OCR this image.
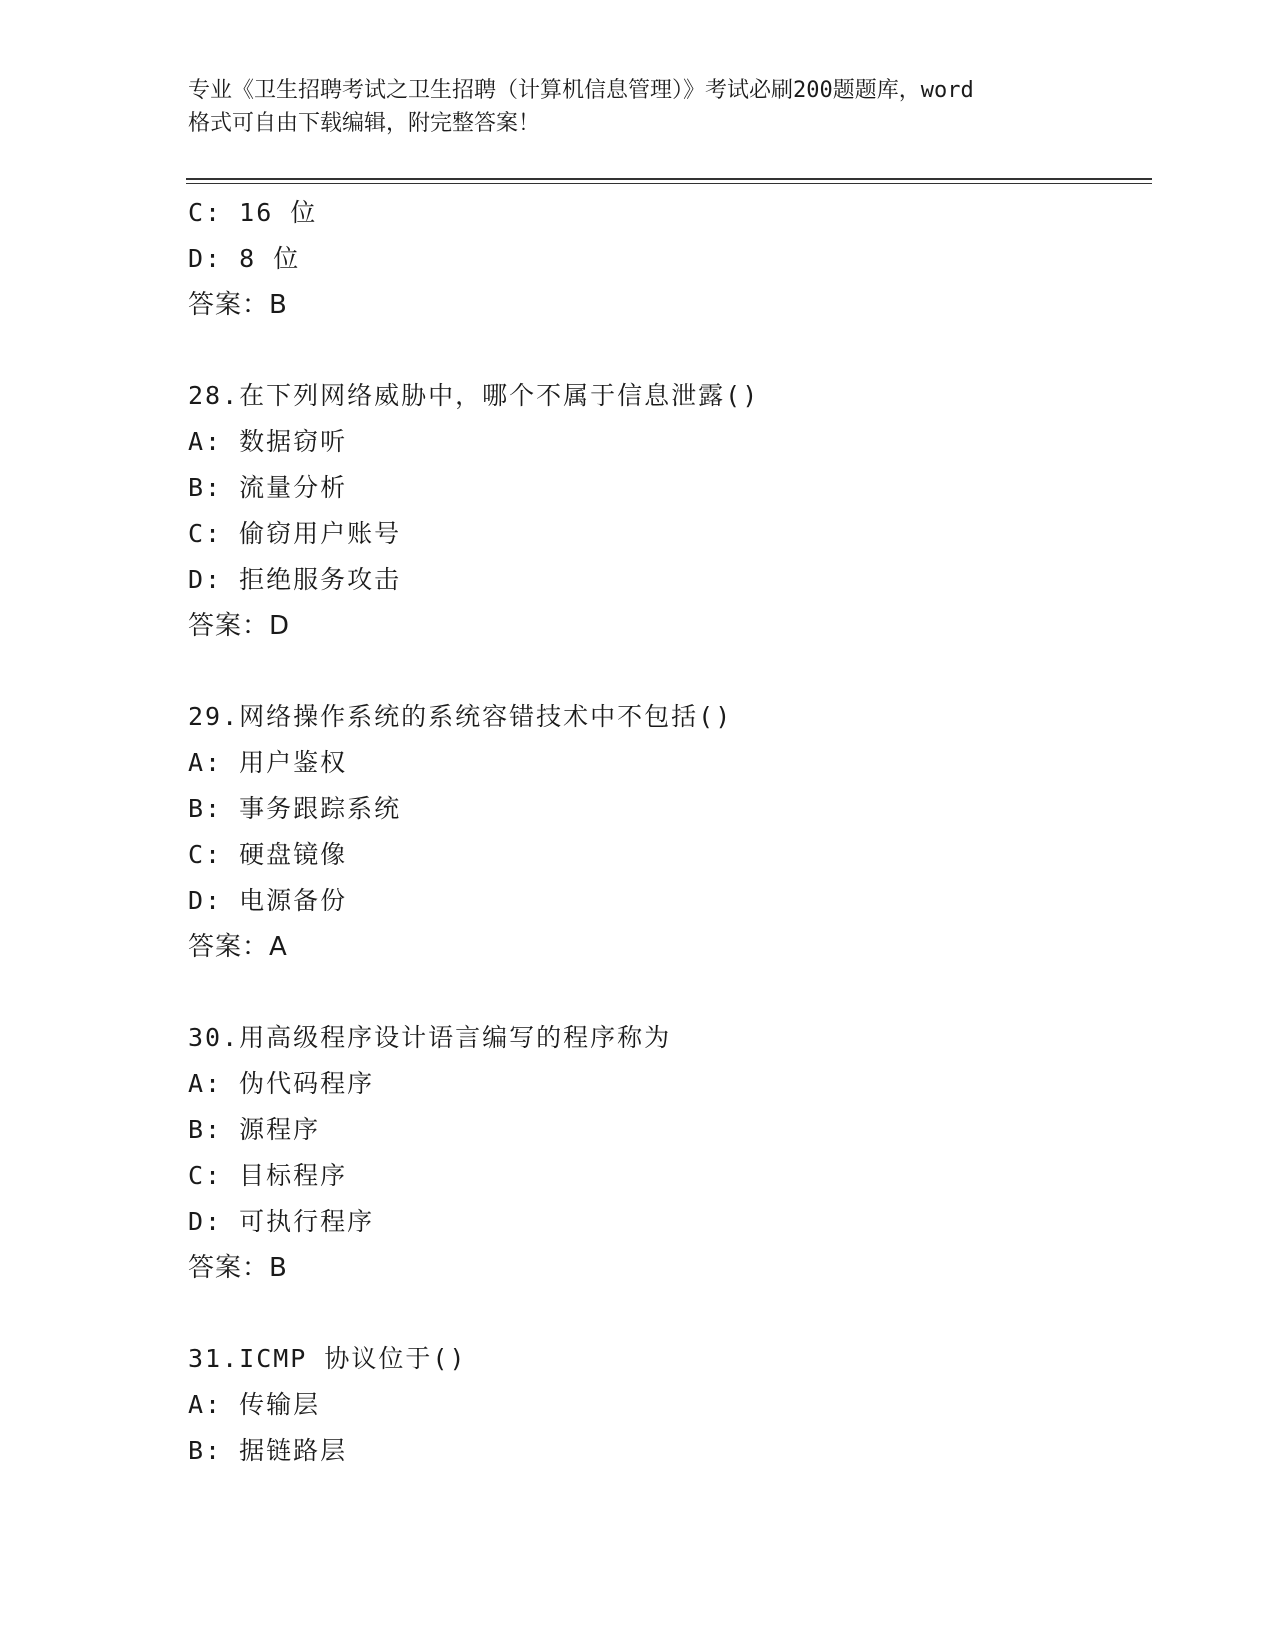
专业《卫生招聘考试之卫生招聘（计算机信息管理）》考试必刷200题题库，word
格式可自由下载编辑，附完整答案！
C: 16 位
D: 8 位
答案：B
28.在下列网络威胁中，哪个不属于信息泄露()
A: 数据窃听
B: 流量分析
C: 偷窃用户账号
D: 拒绝服务攻击
答案：D
29.网络操作系统的系统容错技术中不包括()
A: 用户鉴权
B: 事务跟踪系统
C: 硬盘镜像
D: 电源备份
答案：A
30.用高级程序设计语言编写的程序称为
A: 伪代码程序
B: 源程序
C: 目标程序
D: 可执行程序
答案：B
31.ICMP 协议位于()
A: 传输层
B: 据链路层
